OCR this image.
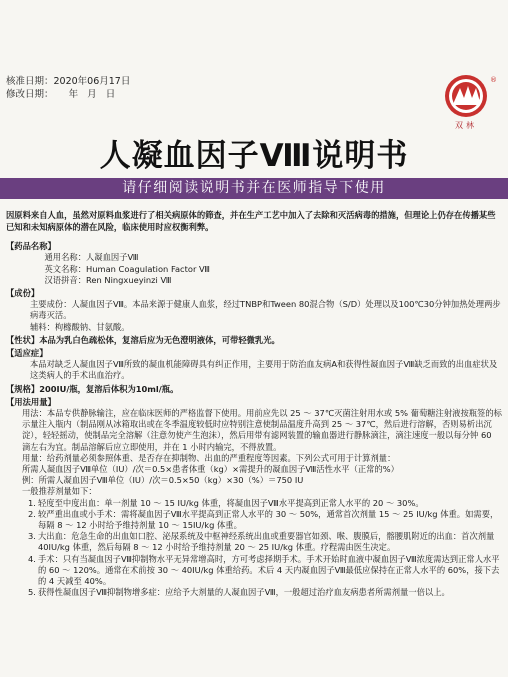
核准日期：2020年06月17日
修改日期：     年   月   日
®
双林
人凝血因子Ⅷ说明书
请仔细阅读说明书并在医师指导下使用
因原料来自人血，虽然对原料血浆进行了相关病原体的筛查，并在生产工艺中加入了去除和灭活病毒的措施，但理论上仍存在传播某些已知和未知病原体的潜在风险，临床使用时应权衡利弊。
【药品名称】
通用名称：人凝血因子Ⅷ
英文名称：Human Coagulation Factor Ⅷ
汉语拼音：Ren Ningxueyinzi Ⅷ
【成份】
主要成份：人凝血因子Ⅷ。本品来源于健康人血浆，经过TNBP和Tween 80混合物（S/D）处理以及100℃30分钟加热处理两步病毒灭活。
辅料：枸橼酸钠、甘氨酸。
【性状】本品为乳白色疏松体，复溶后应为无色澄明液体，可带轻微乳光。
【适应症】
本品对缺乏人凝血因子Ⅷ所致的凝血机能障碍具有纠正作用，主要用于防治血友病A和获得性凝血因子Ⅷ缺乏而致的出血症状及这类病人的手术出血治疗。
【规格】200IU/瓶，复溶后体积为10ml/瓶。
【用法用量】
用法：本品专供静脉输注，应在临床医师的严格监督下使用。用前应先以 25 ～ 37℃灭菌注射用水或 5% 葡萄糖注射液按瓶签的标示量注入瓶内（制品刚从冰箱取出或在冬季温度较低时应特别注意使制品温度升高到 25 ～ 37℃，然后进行溶解，否则易析出沉淀），轻轻摇动，使制品完全溶解（注意勿使产生泡沫），然后用带有滤网装置的输血器进行静脉滴注，滴注速度一般以每分钟 60 滴左右为宜。制品溶解后应立即使用，并在 1 小时内输完，不得放置。
用量：给药剂量必须参照体重、是否存在抑制物、出血的严重程度等因素。下列公式可用于计算剂量：
所需人凝血因子Ⅷ单位（IU）/次＝0.5×患者体重（kg）×需提升的凝血因子Ⅷ活性水平（正常的%）
例：所需人凝血因子Ⅷ单位（IU）/次＝0.5×50（kg）×30（%）＝750 IU
一般推荐剂量如下：
1. 轻度至中度出血：单一剂量 10 ～ 15 IU/kg 体重，将凝血因子Ⅷ水平提高到正常人水平的 20 ～ 30%。
2. 较严重出血或小手术：需将凝血因子Ⅷ水平提高到正常人水平的 30 ～ 50%，通常首次剂量 15 ～ 25 IU/kg 体重。如需要，每隔 8 ～ 12 小时给予维持剂量 10 ～ 15IU/kg 体重。
3. 大出血：危急生命的出血如口腔、泌尿系统及中枢神经系统出血或重要器官如颈、喉、腹膜后，髂腰肌附近的出血：首次剂量 40IU/kg 体重，然后每隔 8 ～ 12 小时给予维持剂量 20 ～ 25 IU/kg 体重。疗程需由医生决定。
4. 手术：只有当凝血因子Ⅷ抑制物水平无异常增高时，方可考虑择期手术。手术开始时血液中凝血因子Ⅷ浓度需达到正常人水平的 60 ～ 120%。通常在术前按 30 ～ 40IU/kg 体重给药。术后 4 天内凝血因子Ⅷ最低应保持在正常人水平的 60%，接下去的 4 天减至 40%。
5. 获得性凝血因子Ⅷ抑制物增多症：应给予大剂量的人凝血因子Ⅷ，一般超过治疗血友病患者所需剂量一倍以上。
